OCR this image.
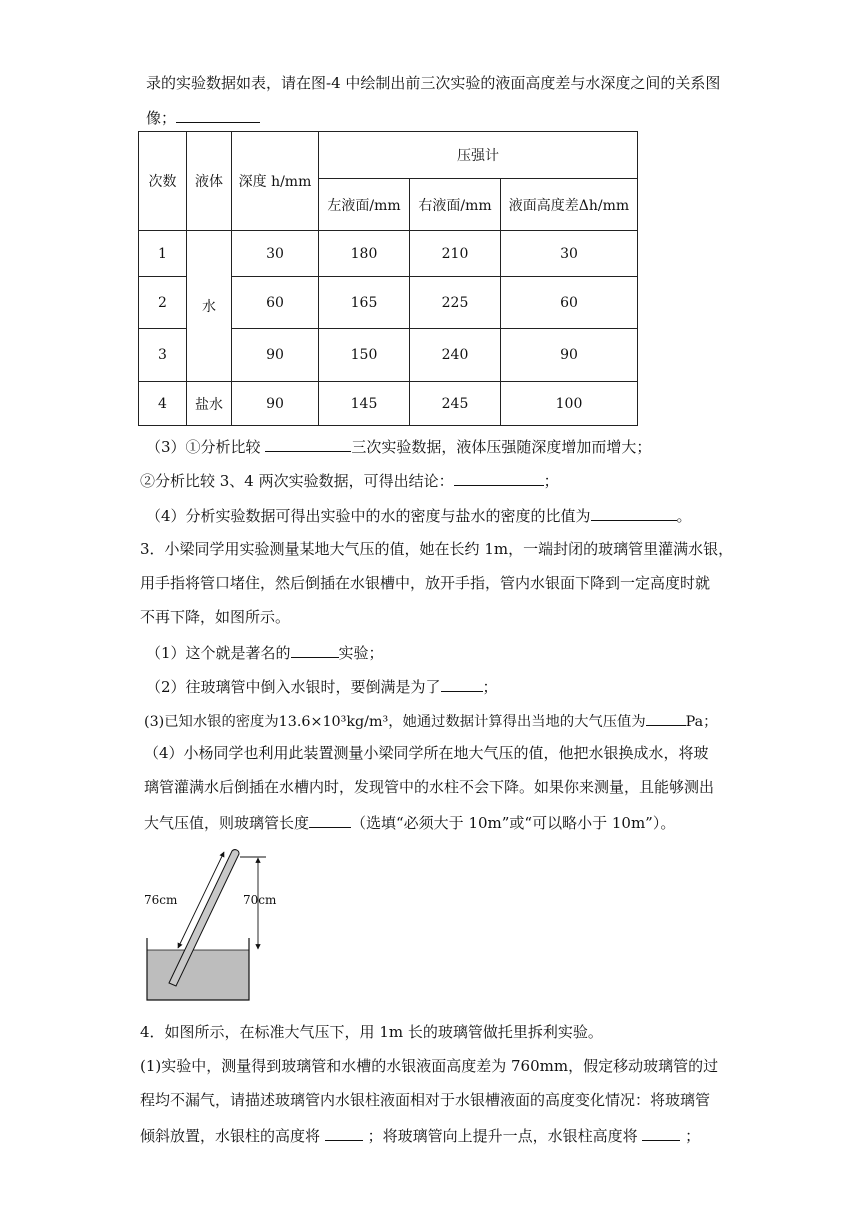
录的实验数据如表，请在图-4 中绘制出前三次实验的液面高度差与水深度之间的关系图
像；
次数	液体	深度 h/mm	压强计		
			左液面/mm	右液面/mm	液面高度差Δh/mm
1	水	30	180	210	30
2		60	165	225	60
3		90	150	240	90
4	盐水	90	145	245	100
（3）①分析比较	三次实验数据，液体压强随深度增加而增大；
②分析比较 3、4 两次实验数据，可得出结论：	；
（4）分析实验数据可得出实验中的水的密度与盐水的密度的比值为	。
3．小梁同学用实验测量某地大气压的值，她在长约 1m，一端封闭的玻璃管里灌满水银，
用手指将管口堵住，然后倒插在水银槽中，放开手指，管内水银面下降到一定高度时就
不再下降，如图所示。
（1）这个就是著名的	实验；
（2）往玻璃管中倒入水银时，要倒满是为了	；
(3)已知水银的密度为13.6×10³kg/m³，她通过数据计算得出当地的大气压值为	Pa；
（4）小杨同学也利用此装置测量小梁同学所在地大气压的值，他把水银换成水，将玻
璃管灌满水后倒插在水槽内时，发现管中的水柱不会下降。如果你来测量，且能够测出
大气压值，则玻璃管长度	（选填“必须大于 10m”或“可以略小于 10m”）。
76cm	70cm
4．如图所示，在标准大气压下，用 1m 长的玻璃管做托里拆利实验。
(1)实验中，测量得到玻璃管和水槽的水银液面高度差为 760mm，假定移动玻璃管的过
程均不漏气，请描述玻璃管内水银柱液面相对于水银槽液面的高度变化情况：将玻璃管
倾斜放置，水银柱的高度将	；将玻璃管向上提升一点，水银柱高度将	；
